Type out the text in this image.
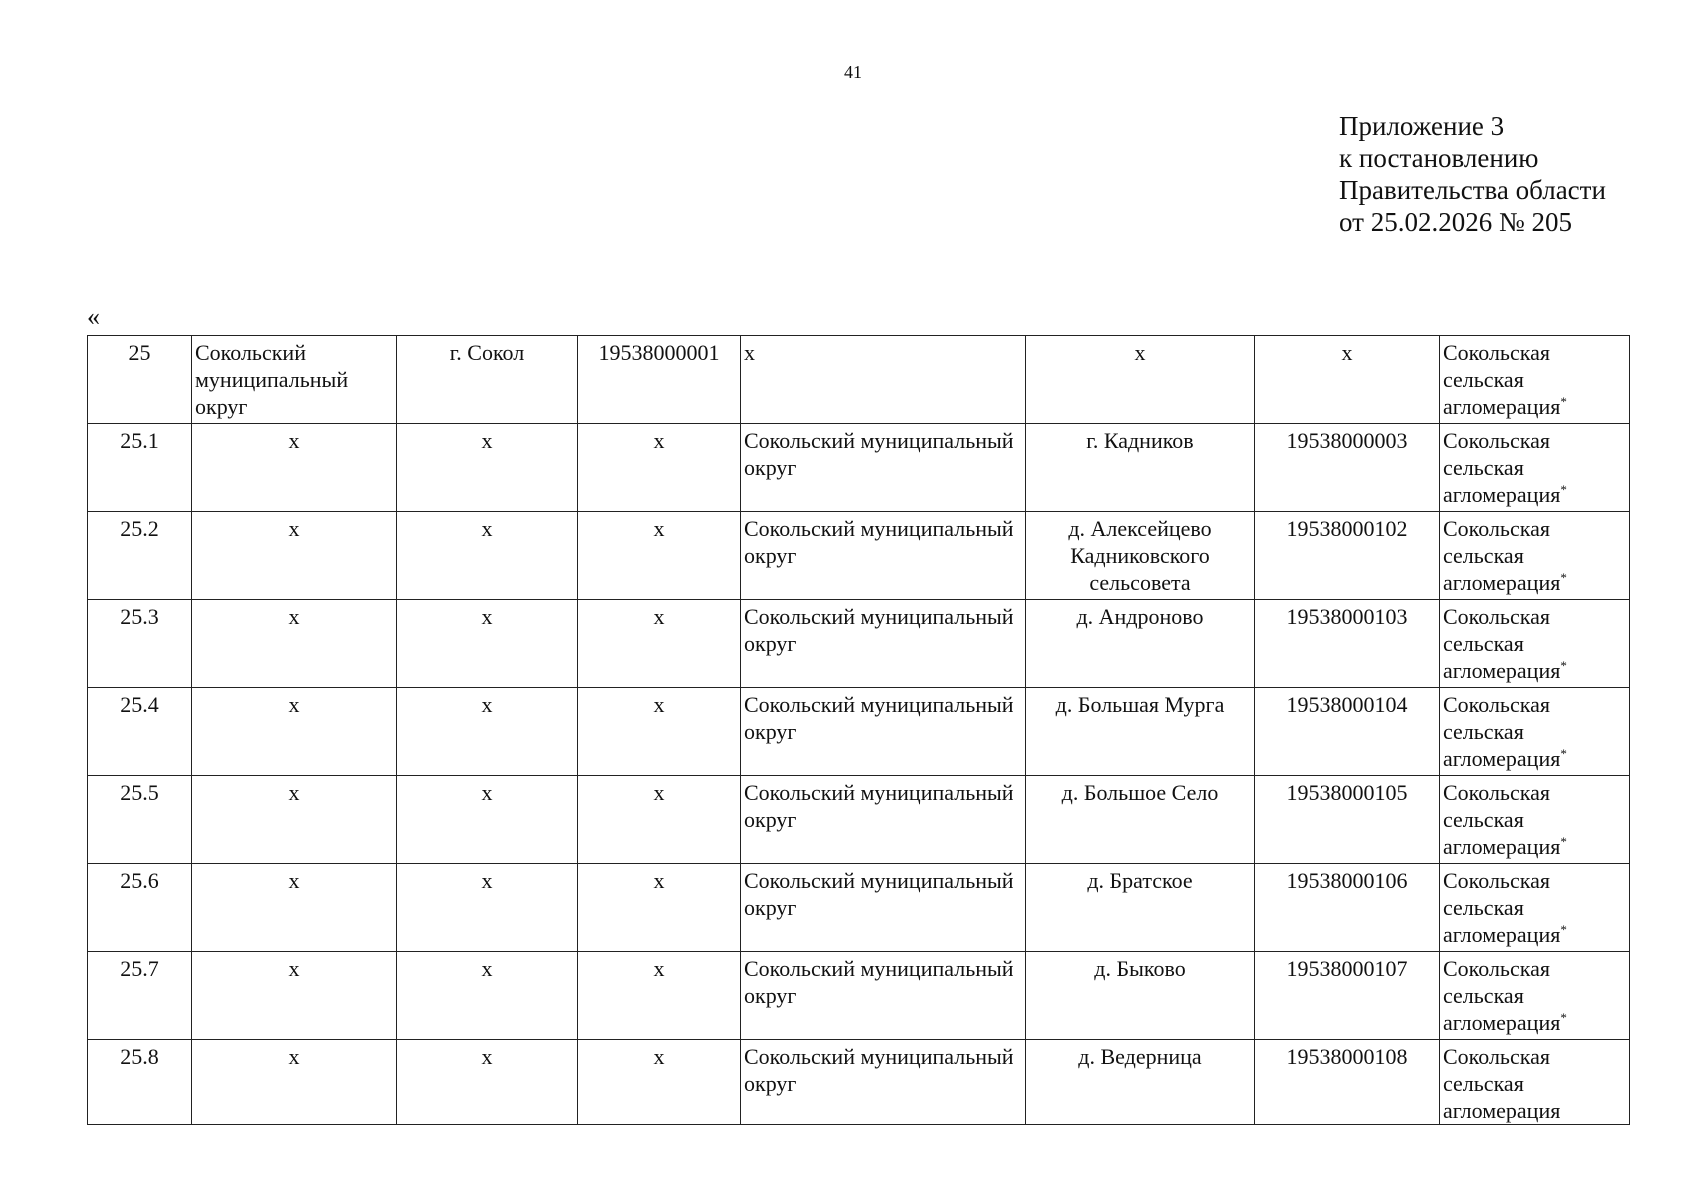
41
Приложение 3
к постановлению
Правительства области
от 25.02.2026 № 205
«
25	Сокольский муниципальный округ	г. Сокол	19538000001	х	х	х	Сокольская сельская агломерация*
25.1	х	х	х	Сокольский муниципальный округ	г. Кадников	19538000003	Сокольская сельская агломерация*
25.2	х	х	х	Сокольский муниципальный округ	д. Алексейцево Кадниковского сельсовета	19538000102	Сокольская сельская агломерация*
25.3	х	х	х	Сокольский муниципальный округ	д. Андроново	19538000103	Сокольская сельская агломерация*
25.4	х	х	х	Сокольский муниципальный округ	д. Большая Мурга	19538000104	Сокольская сельская агломерация*
25.5	х	х	х	Сокольский муниципальный округ	д. Большое Село	19538000105	Сокольская сельская агломерация*
25.6	х	х	х	Сокольский муниципальный округ	д. Братское	19538000106	Сокольская сельская агломерация*
25.7	х	х	х	Сокольский муниципальный округ	д. Быково	19538000107	Сокольская сельская агломерация*
25.8	х	х	х	Сокольский муниципальный округ	д. Ведерница	19538000108	Сокольская сельская агломерация
